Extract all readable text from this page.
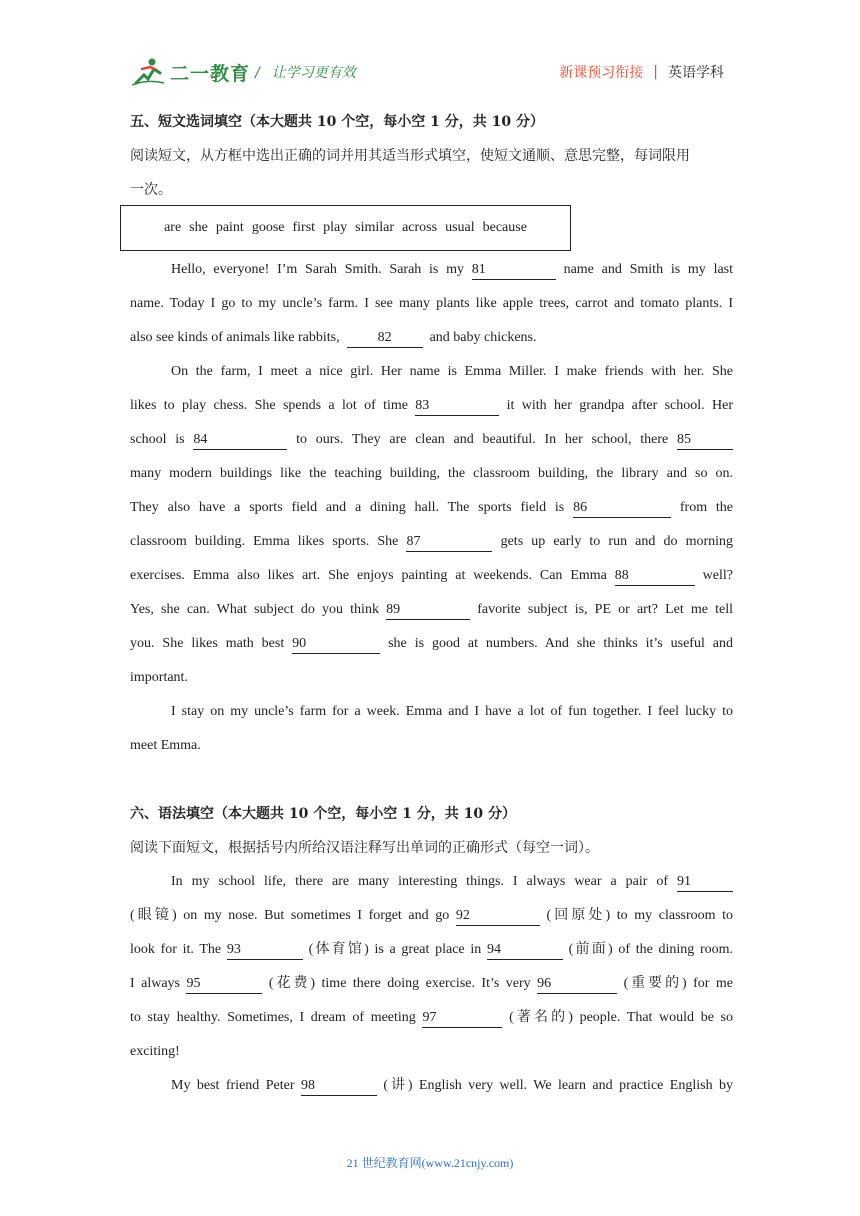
二一教育 / 让学习更有效	新课预习衔接 | 英语学科
五、短文选词填空（本大题共 10 个空，每小空 1 分，共 10 分）
阅读短文，从方框中选出正确的词并用其适当形式填空，使短文通顺、意思完整，每词限用
一次。
Hello, everyone! I’m Sarah Smith. Sarah is my 81	name and Smith is my last
name. Today I go to my uncle’s farm. I see many plants like apple trees, carrot and tomato plants. I
also see kinds of animals like rabbits,	82	and baby chickens.
On the farm, I meet a nice girl. Her name is Emma Miller. I make friends with her. She
likes to play chess. She spends a lot of time 83	it with her grandpa after school. Her
school is 84	to ours. They are clean and beautiful. In her school, there 85
many modern buildings like the teaching building, the classroom building, the library and so on.
They also have a sports field and a dining hall. The sports field is 86	from the
classroom building. Emma likes sports. She 87	gets up early to run and do morning
exercises. Emma also likes art. She enjoys painting at weekends. Can Emma 88	well?
Yes, she can. What subject do you think 89	favorite subject is, PE or art? Let me tell
you. She likes math best 90	she is good at numbers. And she thinks it’s useful and
important.
I stay on my uncle’s farm for a week. Emma and I have a lot of fun together. I feel lucky to
meet Emma.
六、语法填空（本大题共 10 个空，每小空 1 分，共 10 分）
阅读下面短文，根据括号内所给汉语注释写出单词的正确形式（每空一词）。
In my school life, there are many interesting things. I always wear a pair of 91
(眼镜) on my nose. But sometimes I forget and go 92	(回原处) to my classroom to
look for it. The 93	(体育馆) is a great place in 94	(前面) of the dining room.
I always 95	(花费) time there doing exercise. It’s very 96	(重要的) for me
to stay healthy. Sometimes, I dream of meeting 97	(著名的) people. That would be so
exciting!
My best friend Peter 98	(讲) English very well. We learn and practice English by
are she paint goose first play similar across usual because
21 世纪教育网(www.21cnjy.com)
